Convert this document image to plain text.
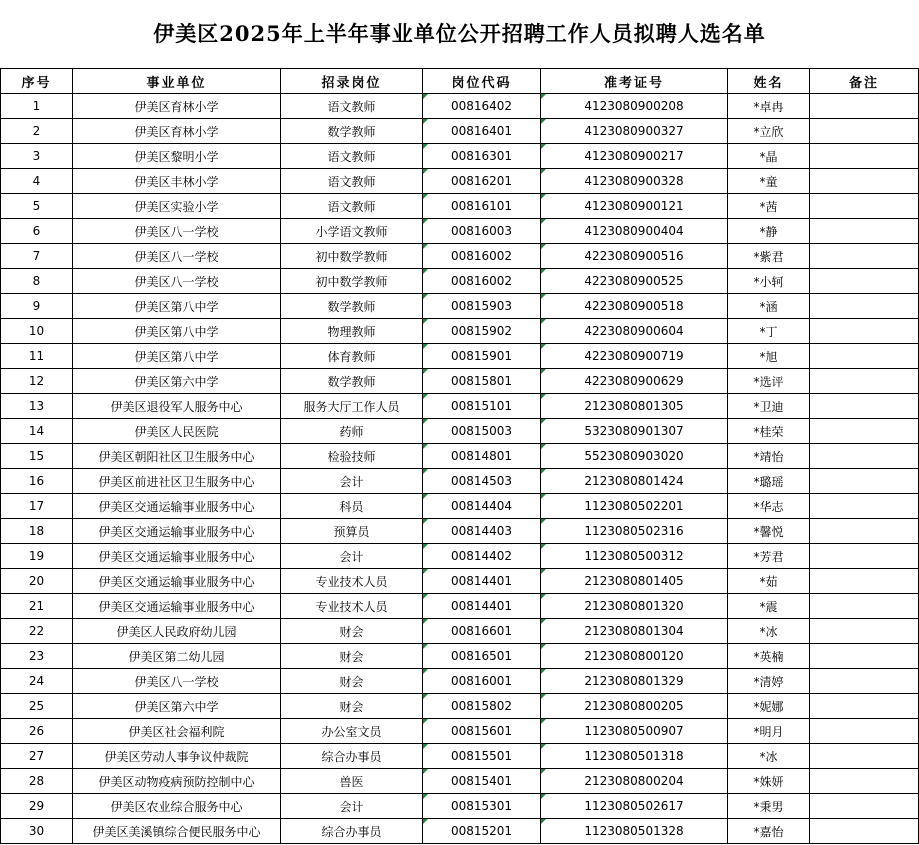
伊美区2025年上半年事业单位公开招聘工作人员拟聘人选名单
序号	事业单位	招录岗位	岗位代码	准考证号	姓名	备注
1	伊美区育林小学	语文教师	00816402	4123080900208	*卓冉	
2	伊美区育林小学	数学教师	00816401	4123080900327	*立欣	
3	伊美区黎明小学	语文教师	00816301	4123080900217	*晶	
4	伊美区丰林小学	语文教师	00816201	4123080900328	*童	
5	伊美区实验小学	语文教师	00816101	4123080900121	*茜	
6	伊美区八一学校	小学语文教师	00816003	4123080900404	*静	
7	伊美区八一学校	初中数学教师	00816002	4223080900516	*紫君	
8	伊美区八一学校	初中数学教师	00816002	4223080900525	*小轲	
9	伊美区第八中学	数学教师	00815903	4223080900518	*涵	
10	伊美区第八中学	物理教师	00815902	4223080900604	*丁	
11	伊美区第八中学	体育教师	00815901	4223080900719	*旭	
12	伊美区第六中学	数学教师	00815801	4223080900629	*选评	
13	伊美区退役军人服务中心	服务大厅工作人员	00815101	2123080801305	*卫迪	
14	伊美区人民医院	药师	00815003	5323080901307	*桂荣	
15	伊美区朝阳社区卫生服务中心	检验技师	00814801	5523080903020	*靖怡	
16	伊美区前进社区卫生服务中心	会计	00814503	2123080801424	*璐瑶	
17	伊美区交通运输事业服务中心	科员	00814404	1123080502201	*华志	
18	伊美区交通运输事业服务中心	预算员	00814403	1123080502316	*馨悦	
19	伊美区交通运输事业服务中心	会计	00814402	1123080500312	*芳君	
20	伊美区交通运输事业服务中心	专业技术人员	00814401	2123080801405	*茹	
21	伊美区交通运输事业服务中心	专业技术人员	00814401	2123080801320	*震	
22	伊美区人民政府幼儿园	财会	00816601	2123080801304	*冰	
23	伊美区第二幼儿园	财会	00816501	2123080800120	*英楠	
24	伊美区八一学校	财会	00816001	2123080801329	*清婷	
25	伊美区第六中学	财会	00815802	2123080800205	*妮娜	
26	伊美区社会福利院	办公室文员	00815601	1123080500907	*明月	
27	伊美区劳动人事争议仲裁院	综合办事员	00815501	1123080501318	*冰	
28	伊美区动物疫病预防控制中心	兽医	00815401	2123080800204	*姝妍	
29	伊美区农业综合服务中心	会计	00815301	1123080502617	*秉男	
30	伊美区美溪镇综合便民服务中心	综合办事员	00815201	1123080501328	*嘉怡	
